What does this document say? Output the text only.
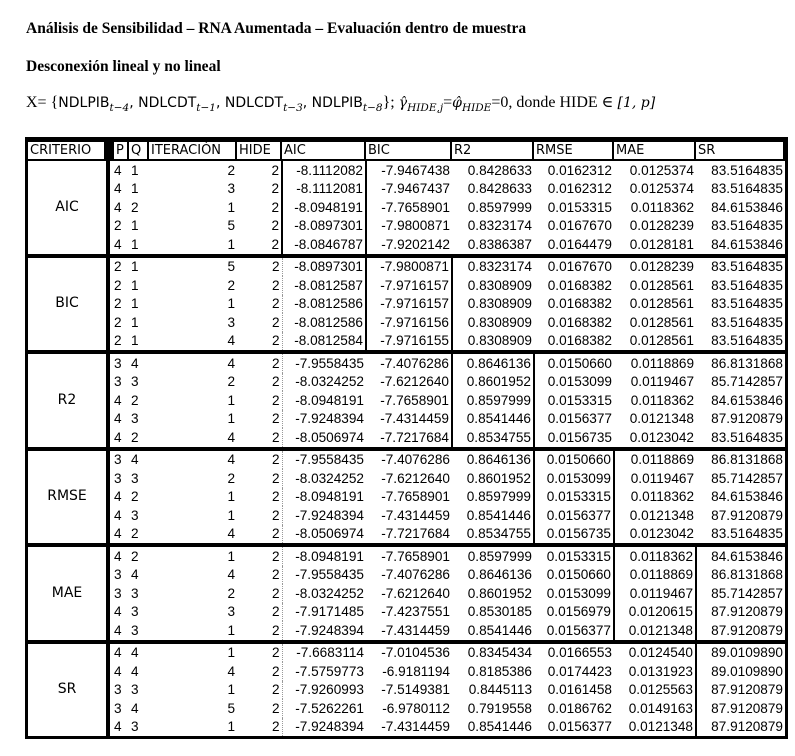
Análisis de Sensibilidad – RNA Aumentada – Evaluación dentro de muestra
Desconexión lineal y no lineal
$X= \{NDLPIB_{t-4}$, $NDLCDT_{t-1}$, $NDLCDT_{t-3}$, $NDLPIB_{t-8}$}; $\gammâ_{HIDE,j}=\varphî_{HIDE}=0$, donde HIDE ∈ [1, p]
CRITERIO	P	Q	ITERACIÓN	HIDE	AIC	BIC	R2	RMSE	MAE	SR

AIC	4	1	2	2	-8.1112082	-7.9467438	0.8428633	0.0162312	0.0125374	83.5164835
	4	1	3	2	-8.1112081	-7.9467437	0.8428633	0.0162312	0.0125374	83.5164835
	4	2	1	2	-8.0948191	-7.7658901	0.8597999	0.0153315	0.0118362	84.6153846
	2	1	5	2	-8.0897301	-7.9800871	0.8323174	0.0167670	0.0128239	83.5164835
	4	1	1	2	-8.0846787	-7.9202142	0.8386387	0.0164479	0.0128181	84.6153846
BIC	2	1	5	2	-8.0897301	-7.9800871	0.8323174	0.0167670	0.0128239	83.5164835
	2	1	2	2	-8.0812587	-7.9716157	0.8308909	0.0168382	0.0128561	83.5164835
	2	1	1	2	-8.0812586	-7.9716157	0.8308909	0.0168382	0.0128561	83.5164835
	2	1	3	2	-8.0812586	-7.9716156	0.8308909	0.0168382	0.0128561	83.5164835
	2	1	4	2	-8.0812584	-7.9716155	0.8308909	0.0168382	0.0128561	83.5164835
R2	3	4	4	2	-7.9558435	-7.4076286	0.8646136	0.0150660	0.0118869	86.8131868
	3	3	2	2	-8.0324252	-7.6212640	0.8601952	0.0153099	0.0119467	85.7142857
	4	2	1	2	-8.0948191	-7.7658901	0.8597999	0.0153315	0.0118362	84.6153846
	4	3	1	2	-7.9248394	-7.4314459	0.8541446	0.0156377	0.0121348	87.9120879
	4	2	4	2	-8.0506974	-7.7217684	0.8534755	0.0156735	0.0123042	83.5164835
RMSE	3	4	4	2	-7.9558435	-7.4076286	0.8646136	0.0150660	0.0118869	86.8131868
	3	3	2	2	-8.0324252	-7.6212640	0.8601952	0.0153099	0.0119467	85.7142857
	4	2	1	2	-8.0948191	-7.7658901	0.8597999	0.0153315	0.0118362	84.6153846
	4	3	1	2	-7.9248394	-7.4314459	0.8541446	0.0156377	0.0121348	87.9120879
	4	2	4	2	-8.0506974	-7.7217684	0.8534755	0.0156735	0.0123042	83.5164835
MAE	4	2	1	2	-8.0948191	-7.7658901	0.8597999	0.0153315	0.0118362	84.6153846
	3	4	4	2	-7.9558435	-7.4076286	0.8646136	0.0150660	0.0118869	86.8131868
	3	3	2	2	-8.0324252	-7.6212640	0.8601952	0.0153099	0.0119467	85.7142857
	4	3	3	2	-7.9171485	-7.4237551	0.8530185	0.0156979	0.0120615	87.9120879
	4	3	1	2	-7.9248394	-7.4314459	0.8541446	0.0156377	0.0121348	87.9120879
SR	4	4	1	2	-7.6683114	-7.0104536	0.8345434	0.0166553	0.0124540	89.0109890
	4	4	4	2	-7.5759773	-6.9181194	0.8185386	0.0174423	0.0131923	89.0109890
	3	3	1	2	-7.9260993	-7.5149381	0.8445113	0.0161458	0.0125563	87.9120879
	3	4	5	2	-7.5262261	-6.9780112	0.7919558	0.0186762	0.0149163	87.9120879
	4	3	1	2	-7.9248394	-7.4314459	0.8541446	0.0156377	0.0121348	87.9120879
